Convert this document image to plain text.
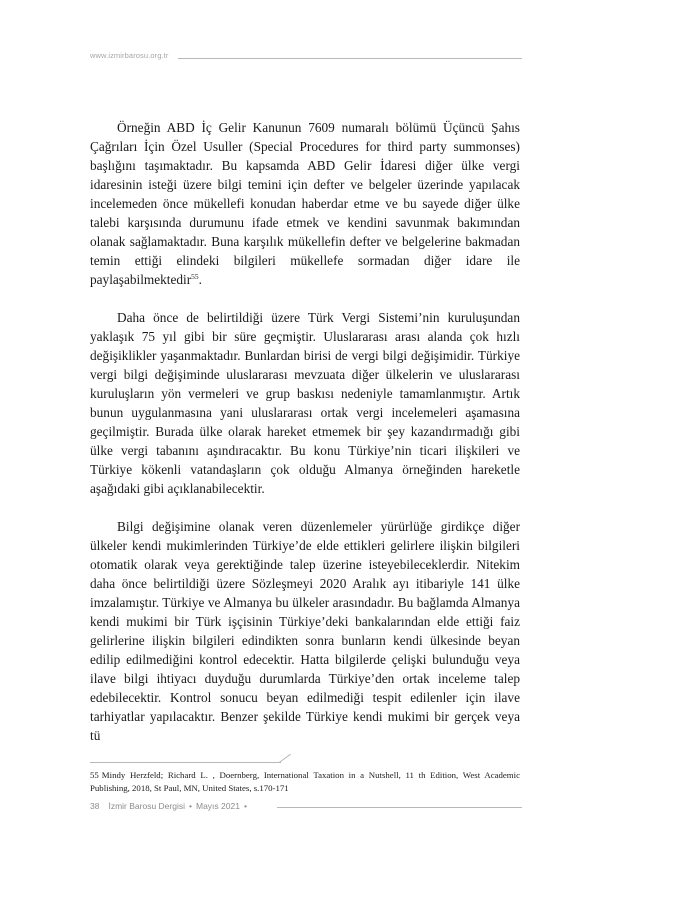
www.izmirbarosu.org.tr

Örneğin ABD İç Gelir Kanunun 7609 numaralı bölümü Üçüncü Şahıs Çağrıları İçin Özel Usuller (Special Procedures for third party summonses) başlığını taşımaktadır. Bu kapsamda ABD Gelir İdaresi diğer ülke vergi idaresinin isteği üzere bilgi temini için defter ve belgeler üzerinde yapılacak incelemeden önce mükellefi konudan haberdar etme ve bu sayede diğer ülke talebi karşısında durumunu ifade etmek ve kendini savunmak bakımından olanak sağlamaktadır. Buna karşılık mükellefin defter ve belgelerine bakmadan temin ettiği elindeki bilgileri mükellefe sormadan diğer idare ile paylaşabilmektedir$^{55}$.

Daha önce de belirtildiği üzere Türk Vergi Sistemi’nin kuruluşundan yaklaşık 75 yıl gibi bir süre geçmiştir. Uluslararası arası alanda çok hızlı değişiklikler yaşanmaktadır. Bunlardan birisi de vergi bilgi değişimidir. Türkiye vergi bilgi değişiminde uluslararası mevzuata diğer ülkelerin ve uluslararası kuruluşların yön vermeleri ve grup baskısı nedeniyle tamamlanmıştır. Artık bunun uygulanmasına yani uluslararası ortak vergi incelemeleri aşamasına geçilmiştir. Burada ülke olarak hareket etmemek bir şey kazandırmadığı gibi ülke vergi tabanını aşındıracaktır. Bu konu Türkiye’nin ticari ilişkileri ve Türkiye kökenli vatandaşların çok olduğu Almanya örneğinden hareketle aşağıdaki gibi açıklanabilecektir.

Bilgi değişimine olanak veren düzenlemeler yürürlüğe girdikçe diğer ülkeler kendi mukimlerinden Türkiye’de elde ettikleri gelirlere ilişkin bilgileri otomatik olarak veya gerektiğinde talep üzerine isteyebileceklerdir. Nitekim daha önce belirtildiği üzere Sözleşmeyi 2020 Aralık ayı itibariyle 141 ülke imzalamıştır. Türkiye ve Almanya bu ülkeler arasındadır. Bu bağlamda Almanya kendi mukimi bir Türk işçisinin Türkiye’deki bankalarından elde ettiği faiz gelirlerine ilişkin bilgileri edindikten sonra bunların kendi ülkesinde beyan edilip edilmediğini kontrol edecektir. Hatta bilgilerde çelişki bulunduğu veya ilave bilgi ihtiyacı duyduğu durumlarda Türkiye’den ortak inceleme talep edebilecektir. Kontrol sonucu beyan edilmediği tespit edilenler için ilave tarhiyatlar yapılacaktır. Benzer şekilde Türkiye kendi mukimi bir gerçek veya tü

55 Mindy Herzfeld; Richard L. , Doernberg, International Taxation in a Nutshell, 11 th Edition, West Academic Publishing, 2018, St Paul, MN, United States, s.170-171
38 İzmir Barosu Dergisi • Mayıs 2021 •
